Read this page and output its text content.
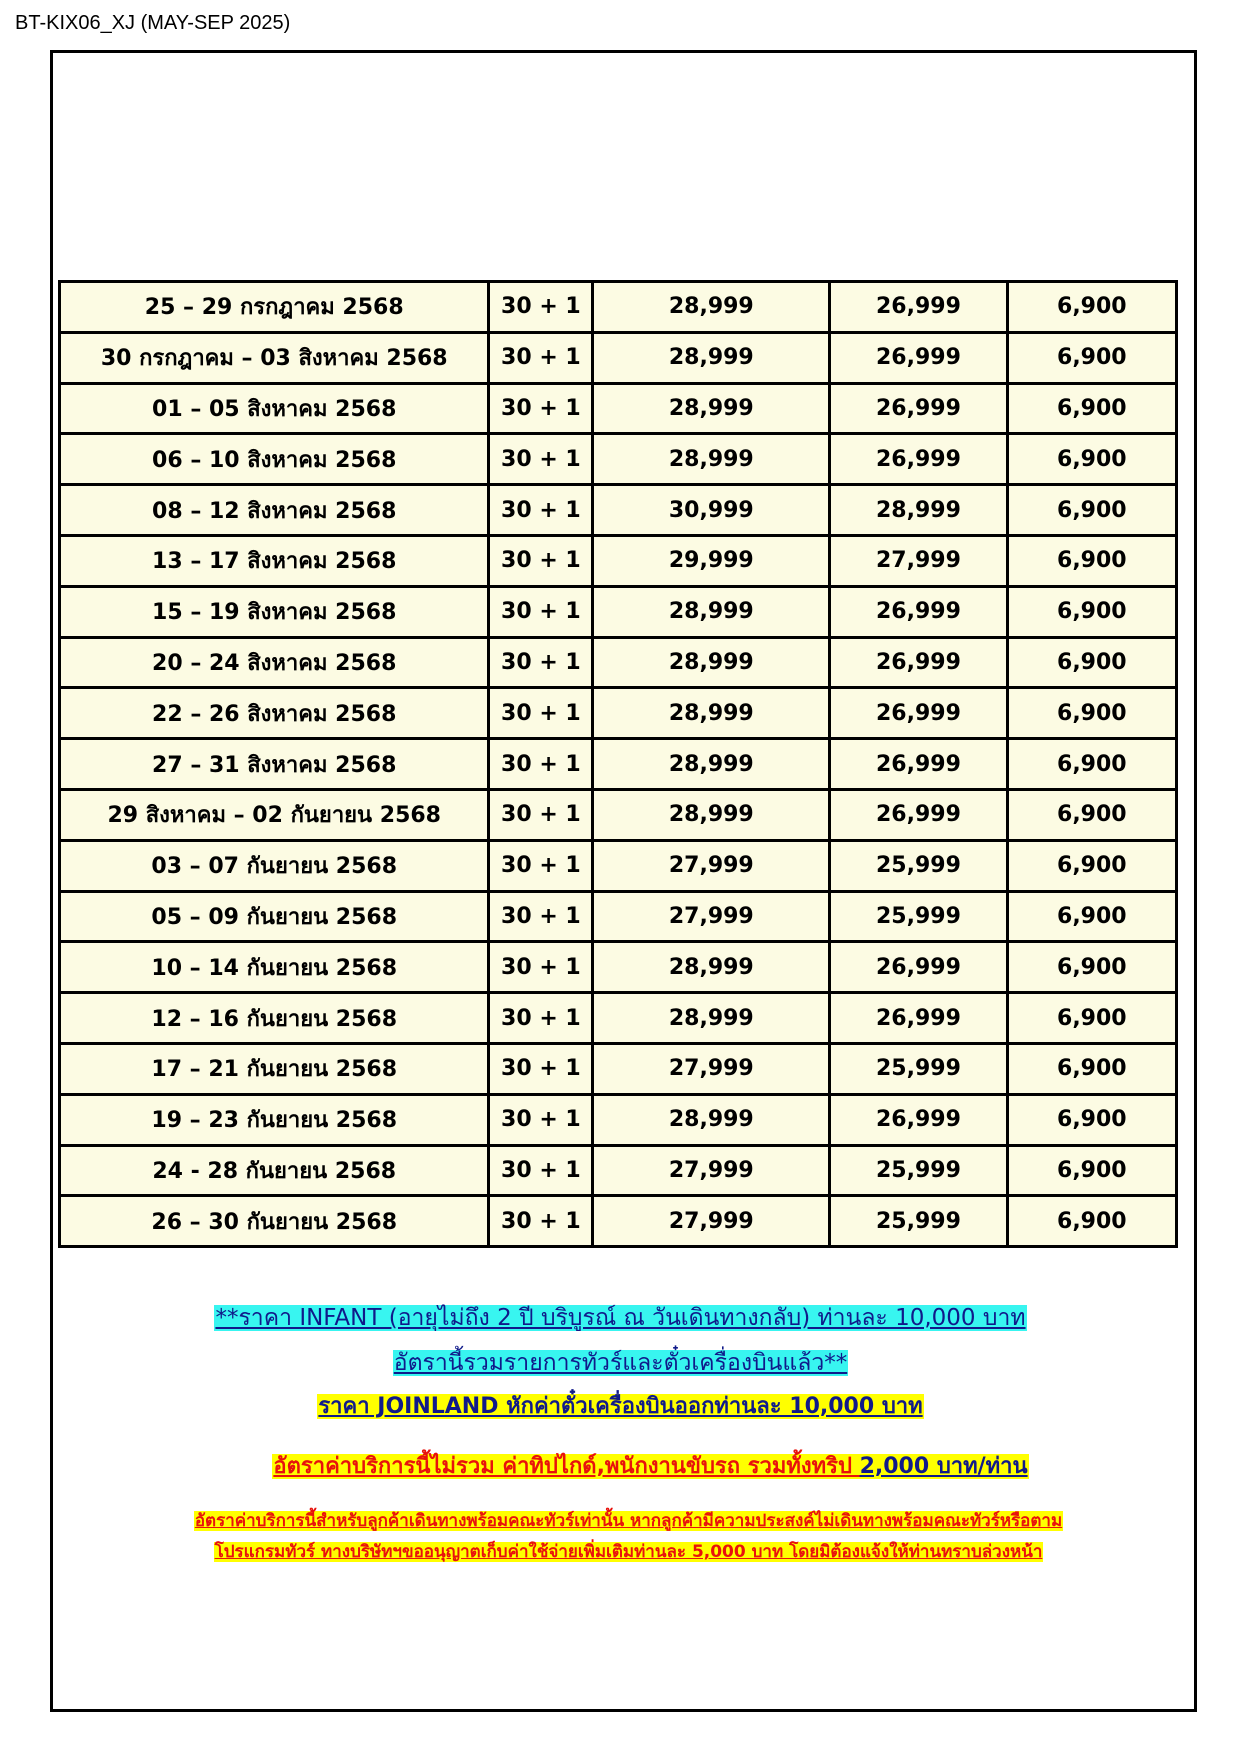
BT-KIX06_XJ (MAY-SEP 2025)
25 – 29 กรกฎาคม 2568	30 + 1	28,999	26,999	6,900
30 กรกฎาคม – 03 สิงหาคม 2568	30 + 1	28,999	26,999	6,900
01 – 05 สิงหาคม 2568	30 + 1	28,999	26,999	6,900
06 – 10 สิงหาคม 2568	30 + 1	28,999	26,999	6,900
08 – 12 สิงหาคม 2568	30 + 1	30,999	28,999	6,900
13 – 17 สิงหาคม 2568	30 + 1	29,999	27,999	6,900
15 – 19 สิงหาคม 2568	30 + 1	28,999	26,999	6,900
20 – 24 สิงหาคม 2568	30 + 1	28,999	26,999	6,900
22 – 26 สิงหาคม 2568	30 + 1	28,999	26,999	6,900
27 – 31 สิงหาคม 2568	30 + 1	28,999	26,999	6,900
29 สิงหาคม – 02 กันยายน 2568	30 + 1	28,999	26,999	6,900
03 – 07 กันยายน 2568	30 + 1	27,999	25,999	6,900
05 – 09 กันยายน 2568	30 + 1	27,999	25,999	6,900
10 – 14 กันยายน 2568	30 + 1	28,999	26,999	6,900
12 – 16 กันยายน 2568	30 + 1	28,999	26,999	6,900
17 – 21 กันยายน 2568	30 + 1	27,999	25,999	6,900
19 – 23 กันยายน 2568	30 + 1	28,999	26,999	6,900
24 - 28 กันยายน 2568	30 + 1	27,999	25,999	6,900
26 – 30 กันยายน 2568	30 + 1	27,999	25,999	6,900
**ราคา INFANT (อายุไม่ถึง 2 ปี บริบูรณ์ ณ วันเดินทางกลับ) ท่านละ 10,000 บาท
อัตรานี้รวมรายการทัวร์และตั๋วเครื่องบินแล้ว**
ราคา JOINLAND หักค่าตั๋วเครื่องบินออกท่านละ 10,000 บาท
อัตราค่าบริการนี้ไม่รวม ค่าทิปไกด์,พนักงานขับรถ รวมทั้งทริป 2,000 บาท/ท่าน
อัตราค่าบริการนี้สำหรับลูกค้าเดินทางพร้อมคณะทัวร์เท่านั้น หากลูกค้ามีความประสงค์ไม่เดินทางพร้อมคณะทัวร์หรือตาม
โปรแกรมทัวร์ ทางบริษัทฯขออนุญาตเก็บค่าใช้จ่ายเพิ่มเติมท่านละ 5,000 บาท โดยมิต้องแจ้งให้ท่านทราบล่วงหน้า
